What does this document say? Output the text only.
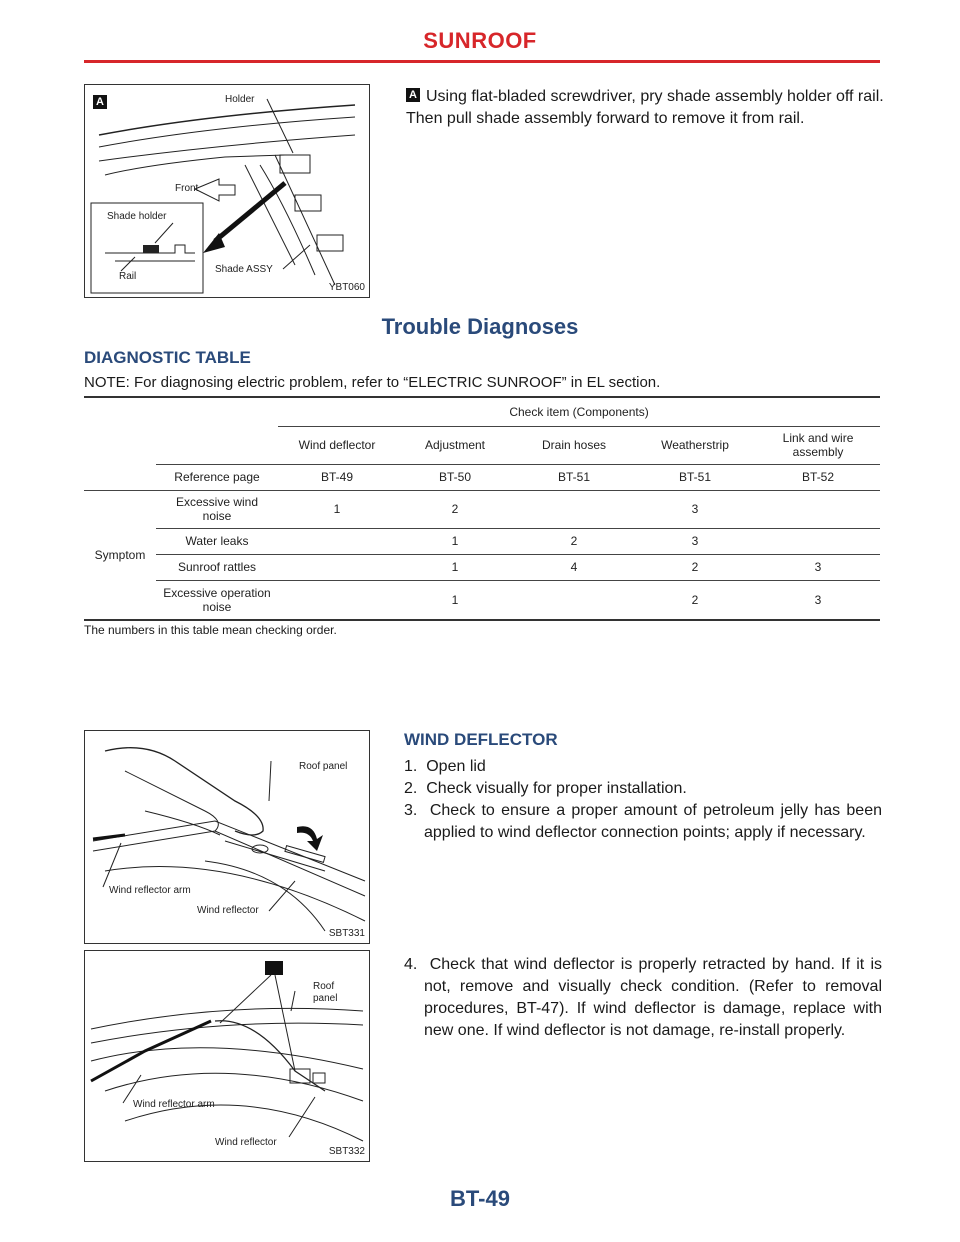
SUNROOF
A	Holder
Front
Shade holder
Rail
Shade ASSY
YBT060
A Using flat-bladed screwdriver, pry shade assembly holder off rail. Then pull shade assembly forward to remove it from rail.
Trouble Diagnoses
DIAGNOSTIC TABLE
NOTE: For diagnosing electric problem, refer to “ELECTRIC SUNROOF” in EL section.
		Check item (Components)				
		Wind deflector	Adjustment	Drain hoses	Weatherstrip	Link and wire assembly
	Reference page	BT-49	BT-50	BT-51	BT-51	BT-52
Symptom	Excessive wind noise	1	2		3	
	Water leaks		1	2	3	
	Sunroof rattles		1	4	2	3
	Excessive operation noise		1		2	3
The numbers in this table mean checking order.
Roof panel
Wind reflector arm
Wind reflector
SBT331
WIND DEFLECTOR
1.  Open lid
2.  Check visually for proper installation.
3.  Check to ensure a proper amount of petroleum jelly has been applied to wind deflector connection points; apply if necessary.
Roof
panel
Wind reflector arm
Wind reflector
SBT332
4.  Check that wind deflector is properly retracted by hand. If it is not, remove and visually check condition. (Refer to removal procedures, BT-47). If wind deflector is damage, replace with new one. If wind deflector is not damage, re-install properly.
BT-49
